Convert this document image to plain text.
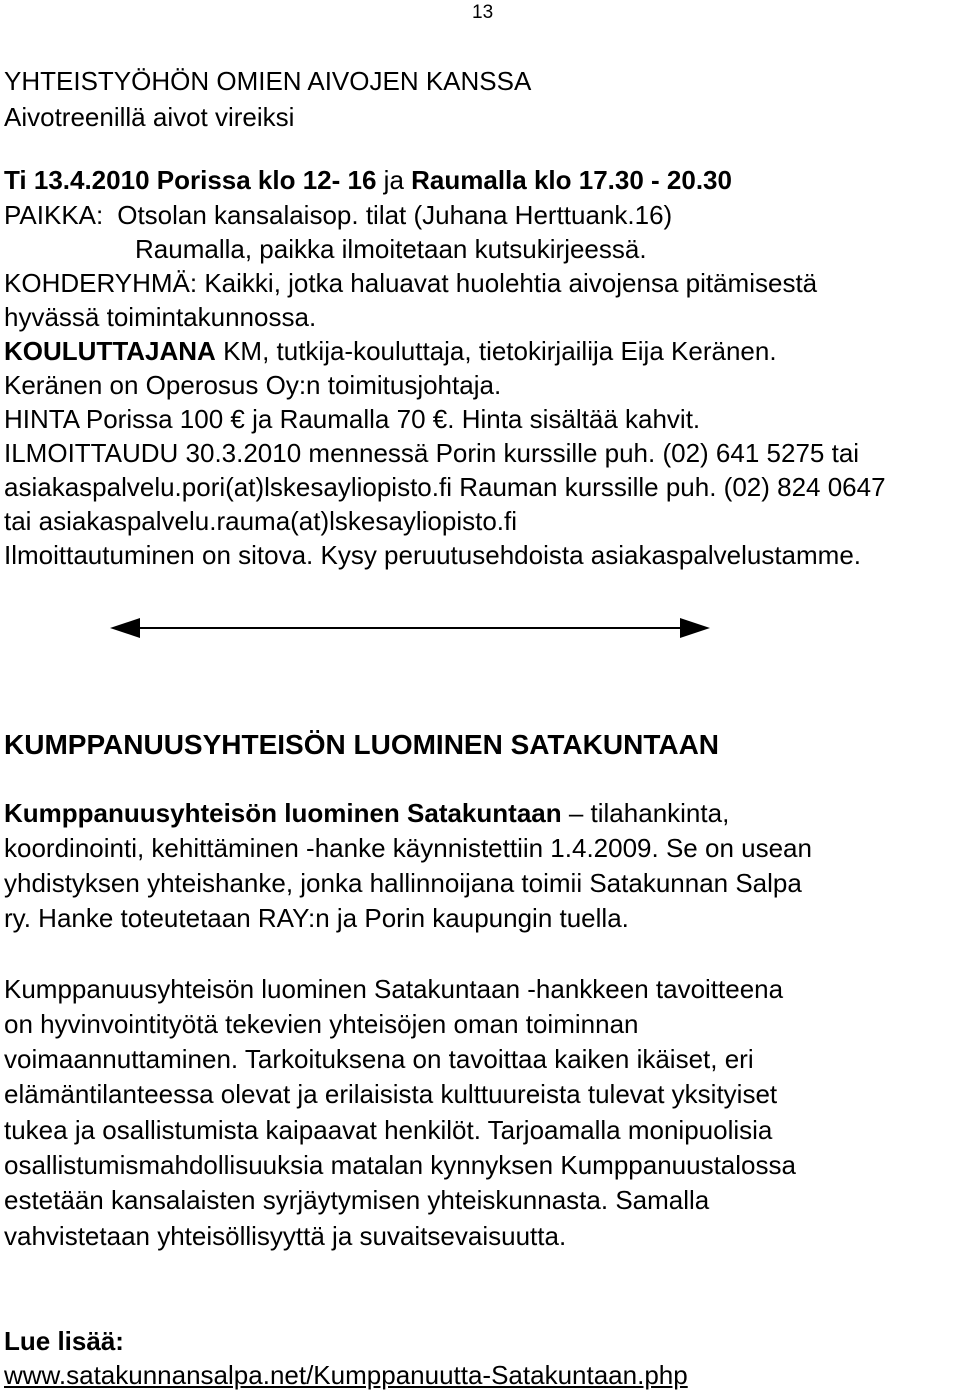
13
YHTEISTYÖHÖN OMIEN AIVOJEN KANSSA
Aivotreenillä aivot vireiksi
Ti 13.4.2010 Porissa klo 12- 16 ja Raumalla klo 17.30 - 20.30
PAIKKA: Otsolan kansalaisop. tilat (Juhana Herttuank.16)
Raumalla, paikka ilmoitetaan kutsukirjeessä.
KOHDERYHMÄ: Kaikki, jotka haluavat huolehtia aivojensa pitämisestä
hyvässä toimintakunnossa.
KOULUTTAJANA KM, tutkija-kouluttaja, tietokirjailija Eija Keränen.
Keränen on Operosus Oy:n toimitusjohtaja.
HINTA Porissa 100 € ja Raumalla 70 €. Hinta sisältää kahvit.
ILMOITTAUDU 30.3.2010 mennessä Porin kurssille puh. (02) 641 5275 tai
asiakaspalvelu.pori(at)lskesayliopisto.fi Rauman kurssille puh. (02) 824 0647
tai asiakaspalvelu.rauma(at)lskesayliopisto.fi
Ilmoittautuminen on sitova. Kysy peruutusehdoista asiakaspalvelustamme.
KUMPPANUUSYHTEISÖN LUOMINEN SATAKUNTAAN
Kumppanuusyhteisön luominen Satakuntaan – tilahankinta,
koordinointi, kehittäminen -hanke käynnistettiin 1.4.2009. Se on usean
yhdistyksen yhteishanke, jonka hallinnoijana toimii Satakunnan Salpa
ry. Hanke toteutetaan RAY:n ja Porin kaupungin tuella.
Kumppanuusyhteisön luominen Satakuntaan -hankkeen tavoitteena
on hyvinvointityötä tekevien yhteisöjen oman toiminnan
voimaannuttaminen. Tarkoituksena on tavoittaa kaiken ikäiset, eri
elämäntilanteessa olevat ja erilaisista kulttuureista tulevat yksityiset
tukea ja osallistumista kaipaavat henkilöt. Tarjoamalla monipuolisia
osallistumismahdollisuuksia matalan kynnyksen Kumppanuustalossa
estetään kansalaisten syrjäytymisen yhteiskunnasta. Samalla
vahvistetaan yhteisöllisyyttä ja suvaitsevaisuutta.
Lue lisää:
www.satakunnansalpa.net/Kumppanuutta-Satakuntaan.php
